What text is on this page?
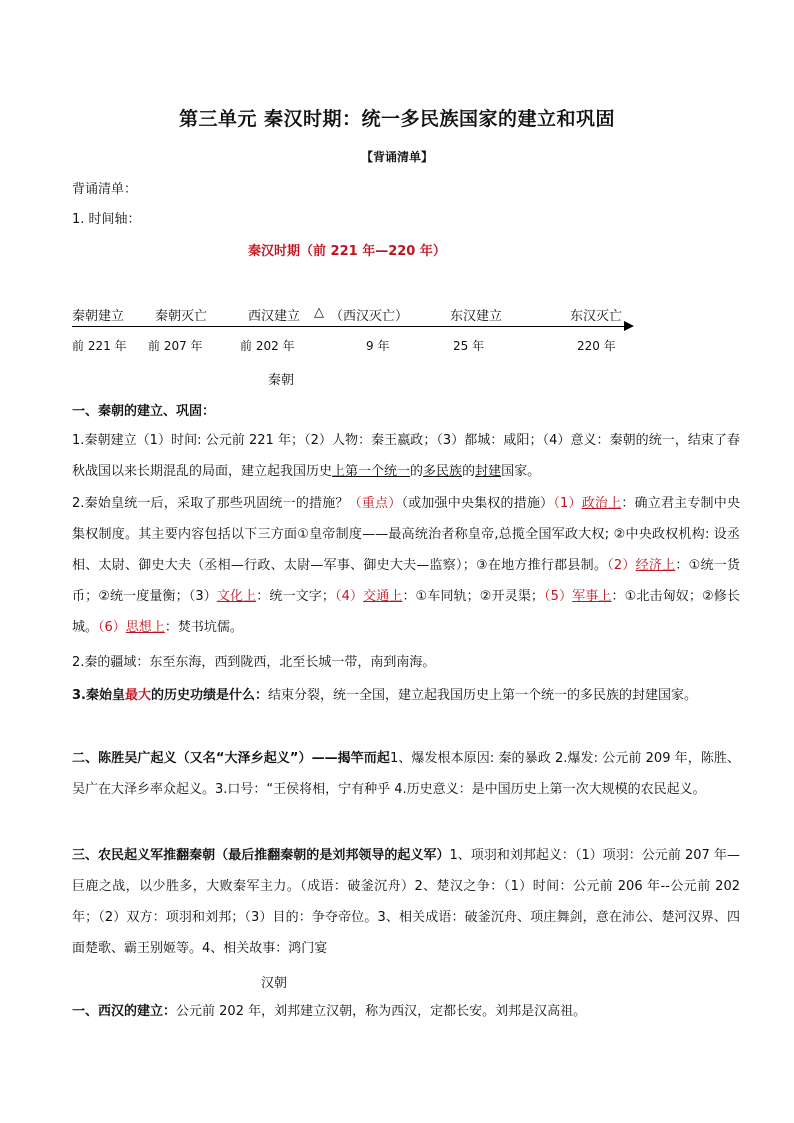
第三单元 秦汉时期：统一多民族国家的建立和巩固
【背诵清单】
背诵清单：
1. 时间轴：
秦汉时期（前 221 年—220 年）
秦朝建立 秦朝灭亡	西汉建立 △ （西汉灭亡）	东汉建立	东汉灭亡
前 221 年 前 207 年	前 202 年	9 年	25 年	220 年
秦朝
一、秦朝的建立、巩固：
1.秦朝建立（1）时间: 公元前 221 年；（2）人物：秦王嬴政；（3）都城：咸阳；（4）意义：秦朝的统一，结束了春秋战国以来长期混乱的局面，建立起我国历史上第一个统一的多民族的封建国家。
2.秦始皇统一后，采取了那些巩固统一的措施？（重点）（或加强中央集权的措施）（1）政治上：确立君主专制中央集权制度。其主要内容包括以下三方面①皇帝制度——最高统治者称皇帝,总揽全国军政大权; ②中央政权机构: 设丞相、太尉、御史大夫（丞相—行政、太尉—军事、御史大夫—监察）；③在地方推行郡县制。（2）经济上：①统一货币；②统一度量衡；（3）文化上：统一文字；（4）交通上：①车同轨；②开灵渠；（5）军事上：①北击匈奴；②修长城。（6）思想上：焚书坑儒。
2.秦的疆域：东至东海，西到陇西，北至长城一带，南到南海。
3.秦始皇最大的历史功绩是什么：结束分裂，统一全国，建立起我国历史上第一个统一的多民族的封建国家。
二、陈胜吴广起义（又名“大泽乡起义”）——揭竿而起1、爆发根本原因: 秦的暴政 2.爆发: 公元前 209 年，陈胜、吴广在大泽乡率众起义。3.口号：“王侯将相，宁有种乎 4.历史意义：是中国历史上第一次大规模的农民起义。
三、农民起义军推翻秦朝（最后推翻秦朝的是刘邦领导的起义军）1、项羽和刘邦起义：（1）项羽：公元前 207 年—巨鹿之战，以少胜多，大败秦军主力。（成语：破釜沉舟）2、楚汉之争：（1）时间：公元前 206 年--公元前 202 年；（2）双方：项羽和刘邦；（3）目的：争夺帝位。3、相关成语：破釜沉舟、项庄舞剑，意在沛公、楚河汉界、四面楚歌、霸王别姬等。4、相关故事：鸿门宴
汉朝
一、西汉的建立：公元前 202 年，刘邦建立汉朝，称为西汉，定都长安。刘邦是汉高祖。
